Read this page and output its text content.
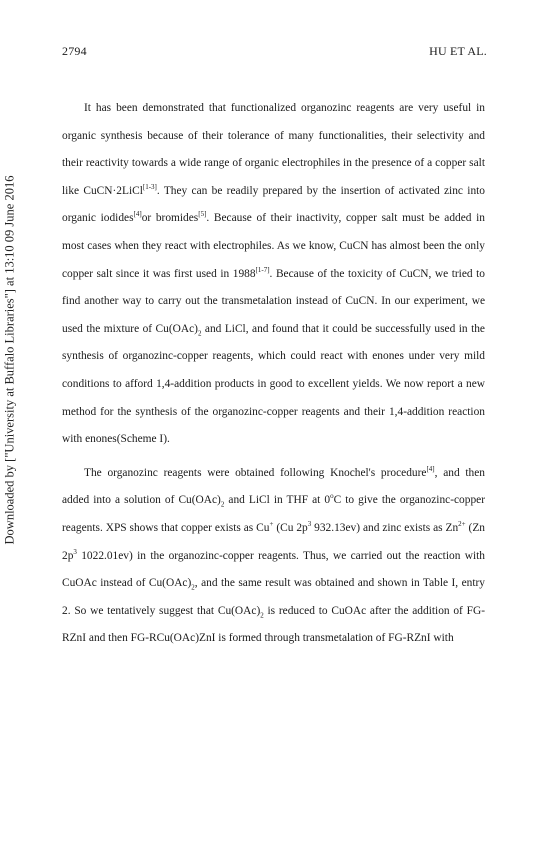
Downloaded by ["University at Buffalo Libraries"] at 13:10 09 June 2016
2794	HU ET AL.

It has been demonstrated that functionalized organozinc reagents are very useful in organic synthesis because of their tolerance of many functionalities, their selectivity and their reactivity towards a wide range of organic electrophiles in the presence of a copper salt like CuCN·2LiCl[1-3]. They can be readily prepared by the insertion of activated zinc into organic iodides[4]or bromides[5]. Because of their inactivity, copper salt must be added in most cases when they react with electrophiles. As we know, CuCN has almost been the only copper salt since it was first used in 1988[1-7]. Because of the toxicity of CuCN, we tried to find another way to carry out the transmetalation instead of CuCN. In our experiment, we used the mixture of $Cu(OAc)_2$ and LiCl, and found that it could be successfully used in the synthesis of organozinc-copper reagents, which could react with enones under very mild conditions to afford 1,4-addition products in good to excellent yields. We now report a new method for the synthesis of the organozinc-copper reagents and their 1,4-addition reaction with enones(Scheme I).

The organozinc reagents were obtained following Knochel's procedure[4], and then added into a solution of $Cu(OAc)_2$ and LiCl in THF at 0$^o$C to give the organozinc-copper reagents. XPS shows that copper exists as Cu+ (Cu $2p^3$ 932.13ev) and zinc exists as $Zn^{2+}$ (Zn $2p^3$ 1022.01ev) in the organozinc-copper reagents. Thus, we carried out the reaction with CuOAc instead of $Cu(OAc)_2$, and the same result was obtained and shown in Table I, entry 2. So we tentatively suggest that $Cu(OAc)_2$ is reduced to CuOAc after the addition of FG-RZnI and then FG-RCu(OAc)ZnI is formed through transmetalation of FG-RZnI with
